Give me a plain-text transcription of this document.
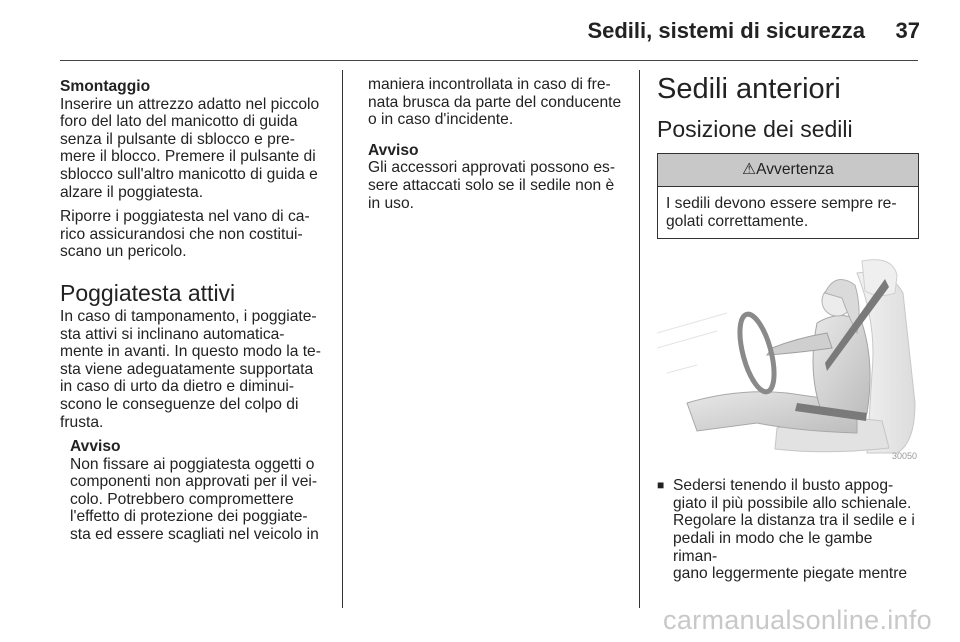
Sedili, sistemi di sicurezza 37
Smontaggio

Inserire un attrezzo adatto nel piccolo

foro del lato del manicotto di guida

senza il pulsante di sblocco e pre-

mere il blocco. Premere il pulsante di

sblocco sull'altro manicotto di guida e

alzare il poggiatesta.

Riporre i poggiatesta nel vano di ca-

rico assicurandosi che non costitui-

scano un pericolo.

Poggiatesta attivi

In caso di tamponamento, i poggiate-

sta attivi si inclinano automatica-

mente in avanti. In questo modo la te-

sta viene adeguatamente supportata

in caso di urto da dietro e diminui-

scono le conseguenze del colpo di

frusta.

Avviso

Non fissare ai poggiatesta oggetti o

componenti non approvati per il vei-

colo. Potrebbero compromettere

l'effetto di protezione dei poggiate-

sta ed essere scagliati nel veicolo in

maniera incontrollata in caso di fre-

nata brusca da parte del conducente

o in caso d'incidente.

Avviso

Gli accessori approvati possono es-

sere attaccati solo se il sedile non è

in uso.

Sedili anteriori
Posizione dei sedili
⚠Avvertenza

I sedili devono essere sempre re-

golati correttamente.

30050
■ Sedersi tenendo il busto appog-

giato il più possibile allo schienale.

Regolare la distanza tra il sedile e i

pedali in modo che le gambe riman-

gano leggermente piegate mentre

carmanualsonline.info
